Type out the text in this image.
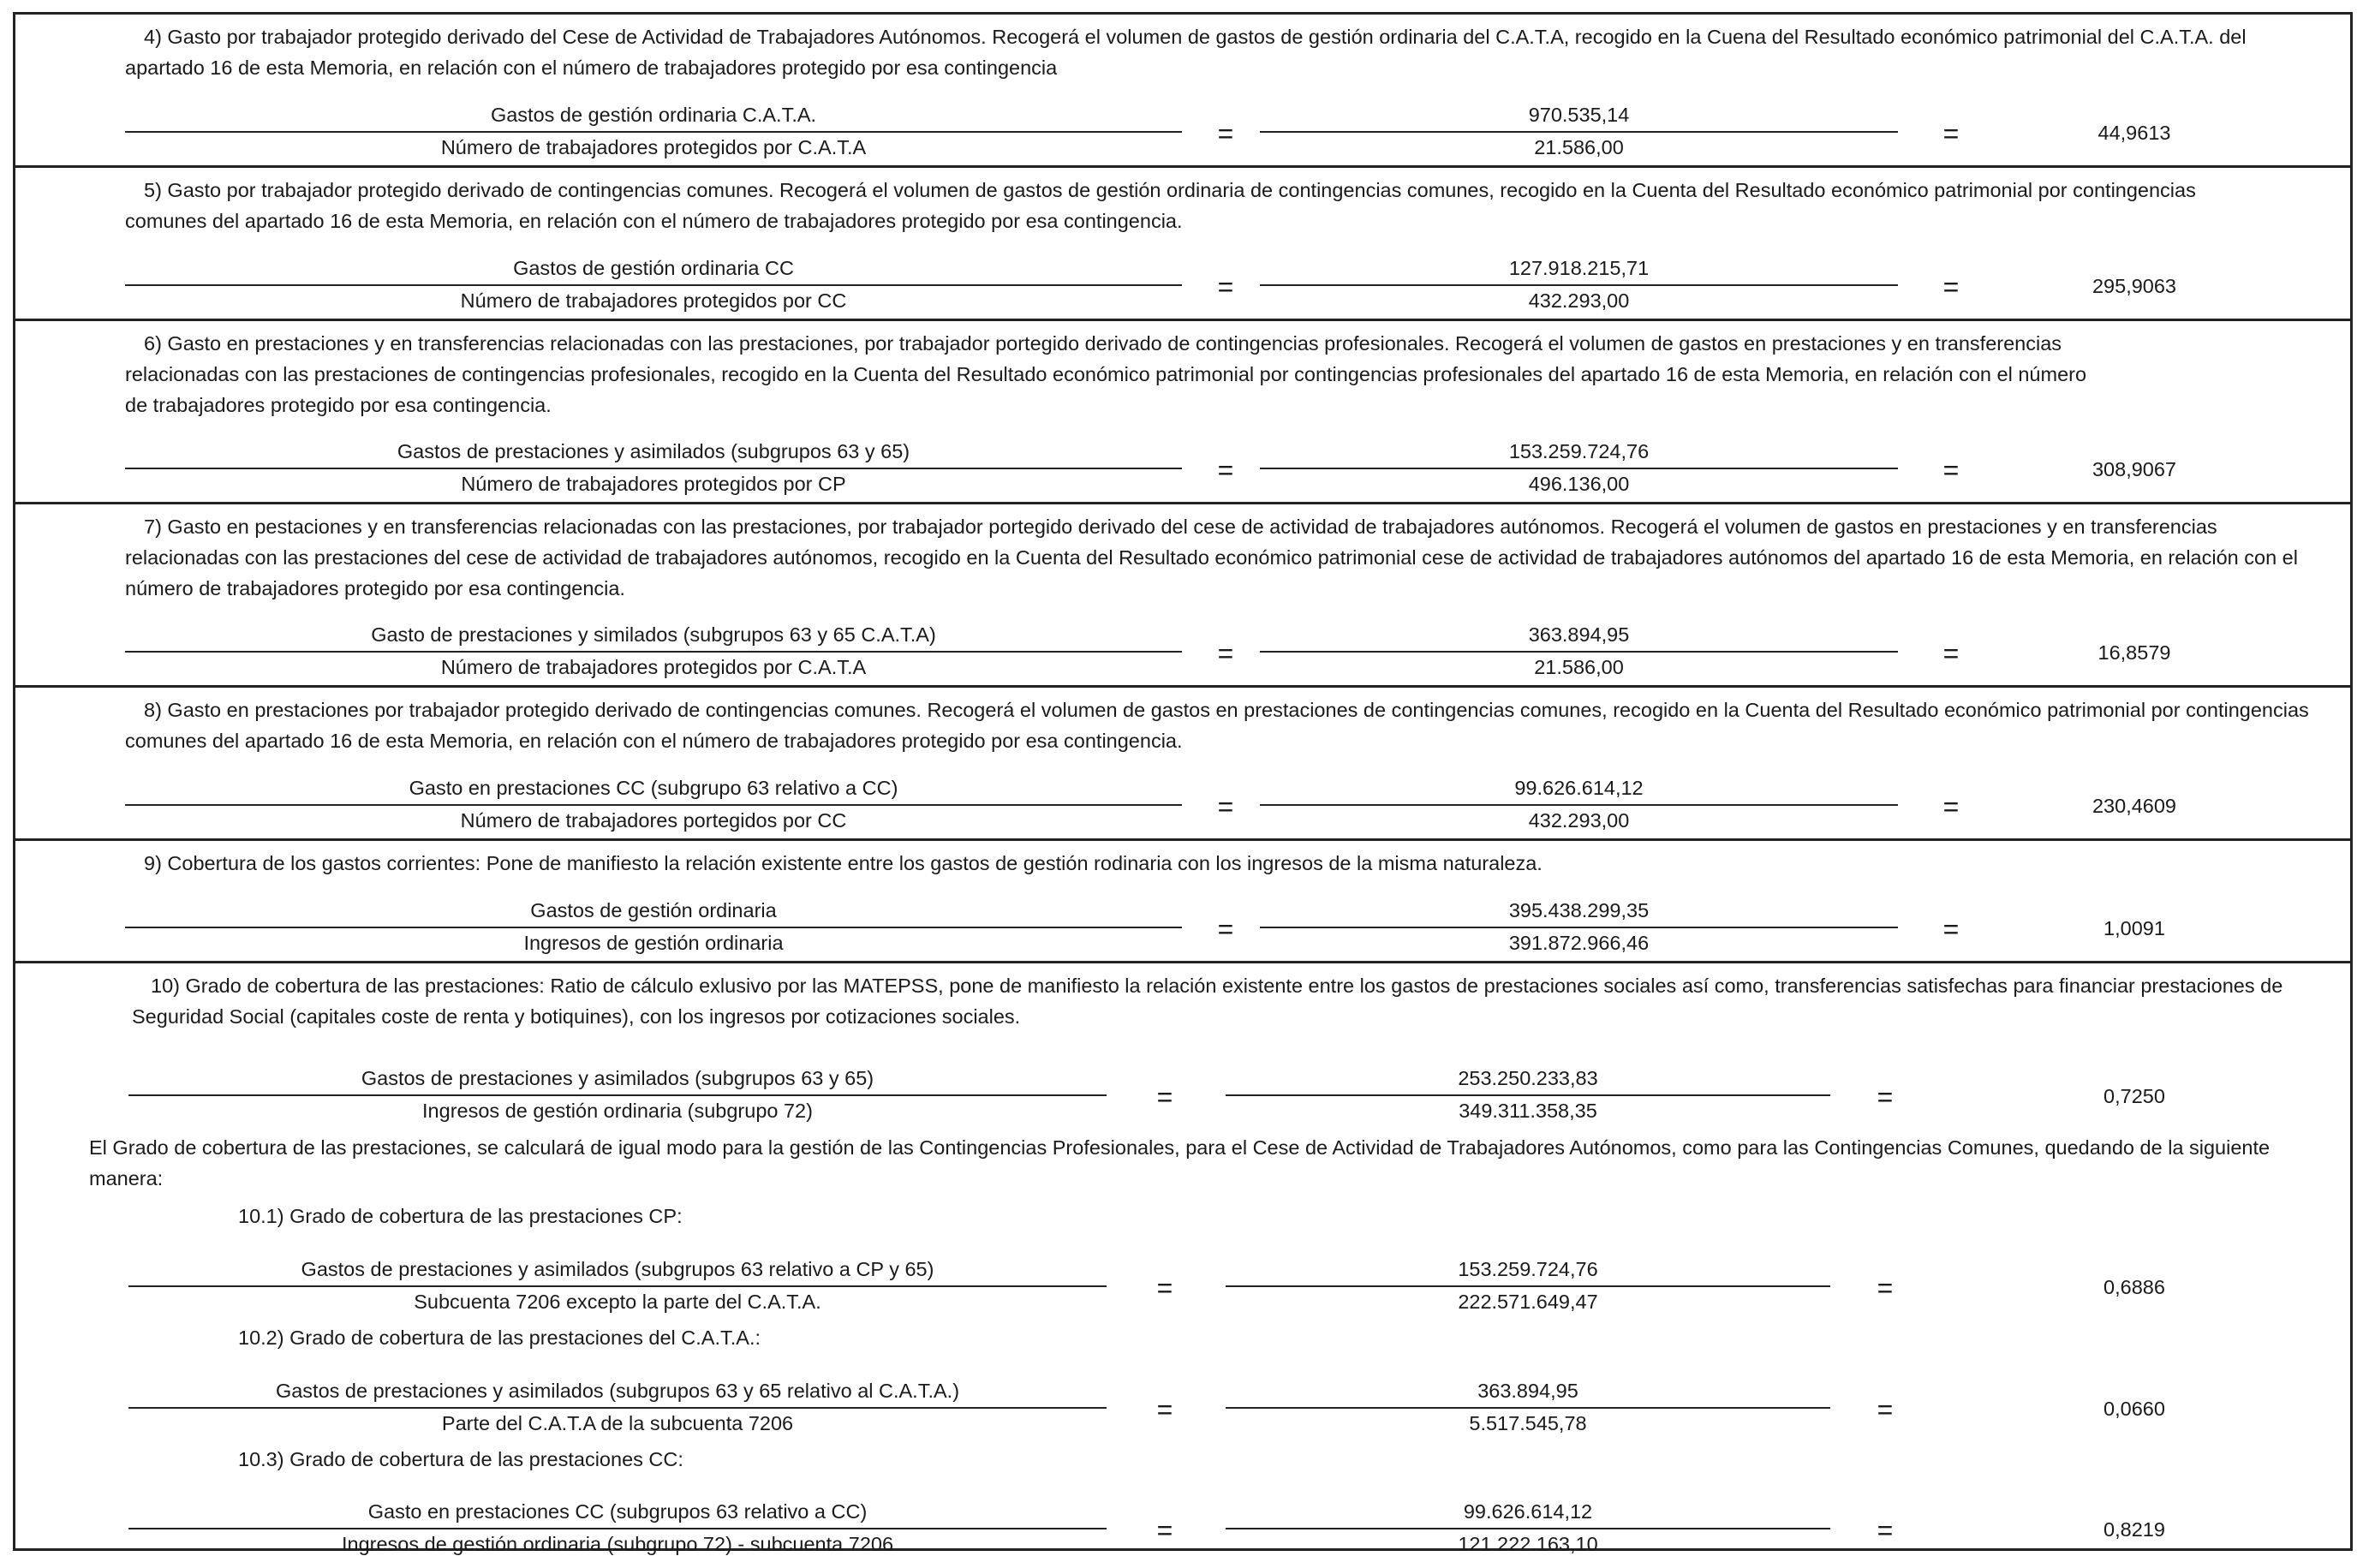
4) Gasto por trabajador protegido derivado del Cese de Actividad de Trabajadores Autónomos. Recogerá el volumen de gastos de gestión ordinaria del C.A.T.A, recogido en la Cuena del Resultado económico patrimonial del C.A.T.A. del apartado 16 de esta Memoria, en relación con el número de trabajadores protegido por esa contingencia
Gastos de gestión ordinaria C.A.T.A.
Número de trabajadores protegidos por C.A.T.A	=
970.535,14
21.586,00	=	44,9613
5) Gasto por trabajador protegido derivado de contingencias comunes. Recogerá el volumen de gastos de gestión ordinaria de contingencias comunes, recogido en la Cuenta del Resultado económico patrimonial por contingencias comunes del apartado 16 de esta Memoria, en relación con el número de trabajadores protegido por esa contingencia.
Gastos de gestión ordinaria CC
Número de trabajadores protegidos por CC	=
127.918.215,71
432.293,00	=	295,9063
6) Gasto en prestaciones y en transferencias relacionadas con las prestaciones, por trabajador portegido derivado de contingencias profesionales. Recogerá el volumen de gastos en prestaciones y en transferencias relacionadas con las prestaciones de contingencias profesionales, recogido en la Cuenta del Resultado económico patrimonial por contingencias profesionales del apartado 16 de esta Memoria, en relación con el número de trabajadores protegido por esa contingencia.
Gastos de prestaciones y asimilados (subgrupos 63 y 65)
Número de trabajadores protegidos por CP	=
153.259.724,76
496.136,00	=	308,9067
7) Gasto en pestaciones y en transferencias relacionadas con las prestaciones, por trabajador portegido derivado del cese de actividad de trabajadores autónomos. Recogerá el volumen de gastos en prestaciones y en transferencias relacionadas con las prestaciones del cese de actividad de trabajadores autónomos, recogido en la Cuenta del Resultado económico patrimonial cese de actividad de trabajadores autónomos del apartado 16 de esta Memoria, en relación con el número de trabajadores protegido por esa contingencia.
Gasto de prestaciones y similados (subgrupos 63 y 65 C.A.T.A)
Número de trabajadores protegidos por C.A.T.A	=
363.894,95
21.586,00	=	16,8579
8) Gasto en prestaciones por trabajador protegido derivado de contingencias comunes. Recogerá el volumen de gastos en prestaciones de contingencias comunes, recogido en la Cuenta del Resultado económico patrimonial por contingencias comunes del apartado 16 de esta Memoria, en relación con el número de trabajadores protegido por esa contingencia.
Gasto en prestaciones CC (subgrupo 63 relativo a CC)
Número de trabajadores portegidos por CC	=
99.626.614,12
432.293,00	=	230,4609
9) Cobertura de los gastos corrientes: Pone de manifiesto la relación existente entre los gastos de gestión rodinaria con los ingresos de la misma naturaleza.
Gastos de gestión ordinaria
Ingresos de gestión ordinaria	=
395.438.299,35
391.872.966,46	=	1,0091
10) Grado de cobertura de las prestaciones: Ratio de cálculo exlusivo por las MATEPSS, pone de manifiesto la relación existente entre los gastos de prestaciones sociales así como, transferencias satisfechas para financiar prestaciones de Seguridad Social (capitales coste de renta y botiquines), con los ingresos por cotizaciones sociales.
Gastos de prestaciones y asimilados (subgrupos 63 y 65)
Ingresos de gestión ordinaria (subgrupo 72)	=
253.250.233,83
349.311.358,35	=	0,7250
El Grado de cobertura de las prestaciones, se calculará de igual modo para la gestión de las Contingencias Profesionales, para el Cese de Actividad de Trabajadores Autónomos, como para las Contingencias Comunes, quedando de la siguiente manera:
10.1) Grado de cobertura de las prestaciones CP:
Gastos de prestaciones y asimilados (subgrupos 63 relativo a CP y 65)
Subcuenta 7206 excepto la parte del C.A.T.A.	=
153.259.724,76
222.571.649,47	=	0,6886
10.2) Grado de cobertura de las prestaciones del C.A.T.A.:
Gastos de prestaciones y asimilados (subgrupos 63 y 65 relativo al C.A.T.A.)
Parte del C.A.T.A de la subcuenta 7206	=
363.894,95
5.517.545,78	=	0,0660
10.3) Grado de cobertura de las prestaciones CC:
Gasto en prestaciones CC (subgrupos 63 relativo a CC)
Ingresos de gestión ordinaria (subgrupo 72) - subcuenta 7206	=
99.626.614,12
121.222.163,10	=	0,8219
